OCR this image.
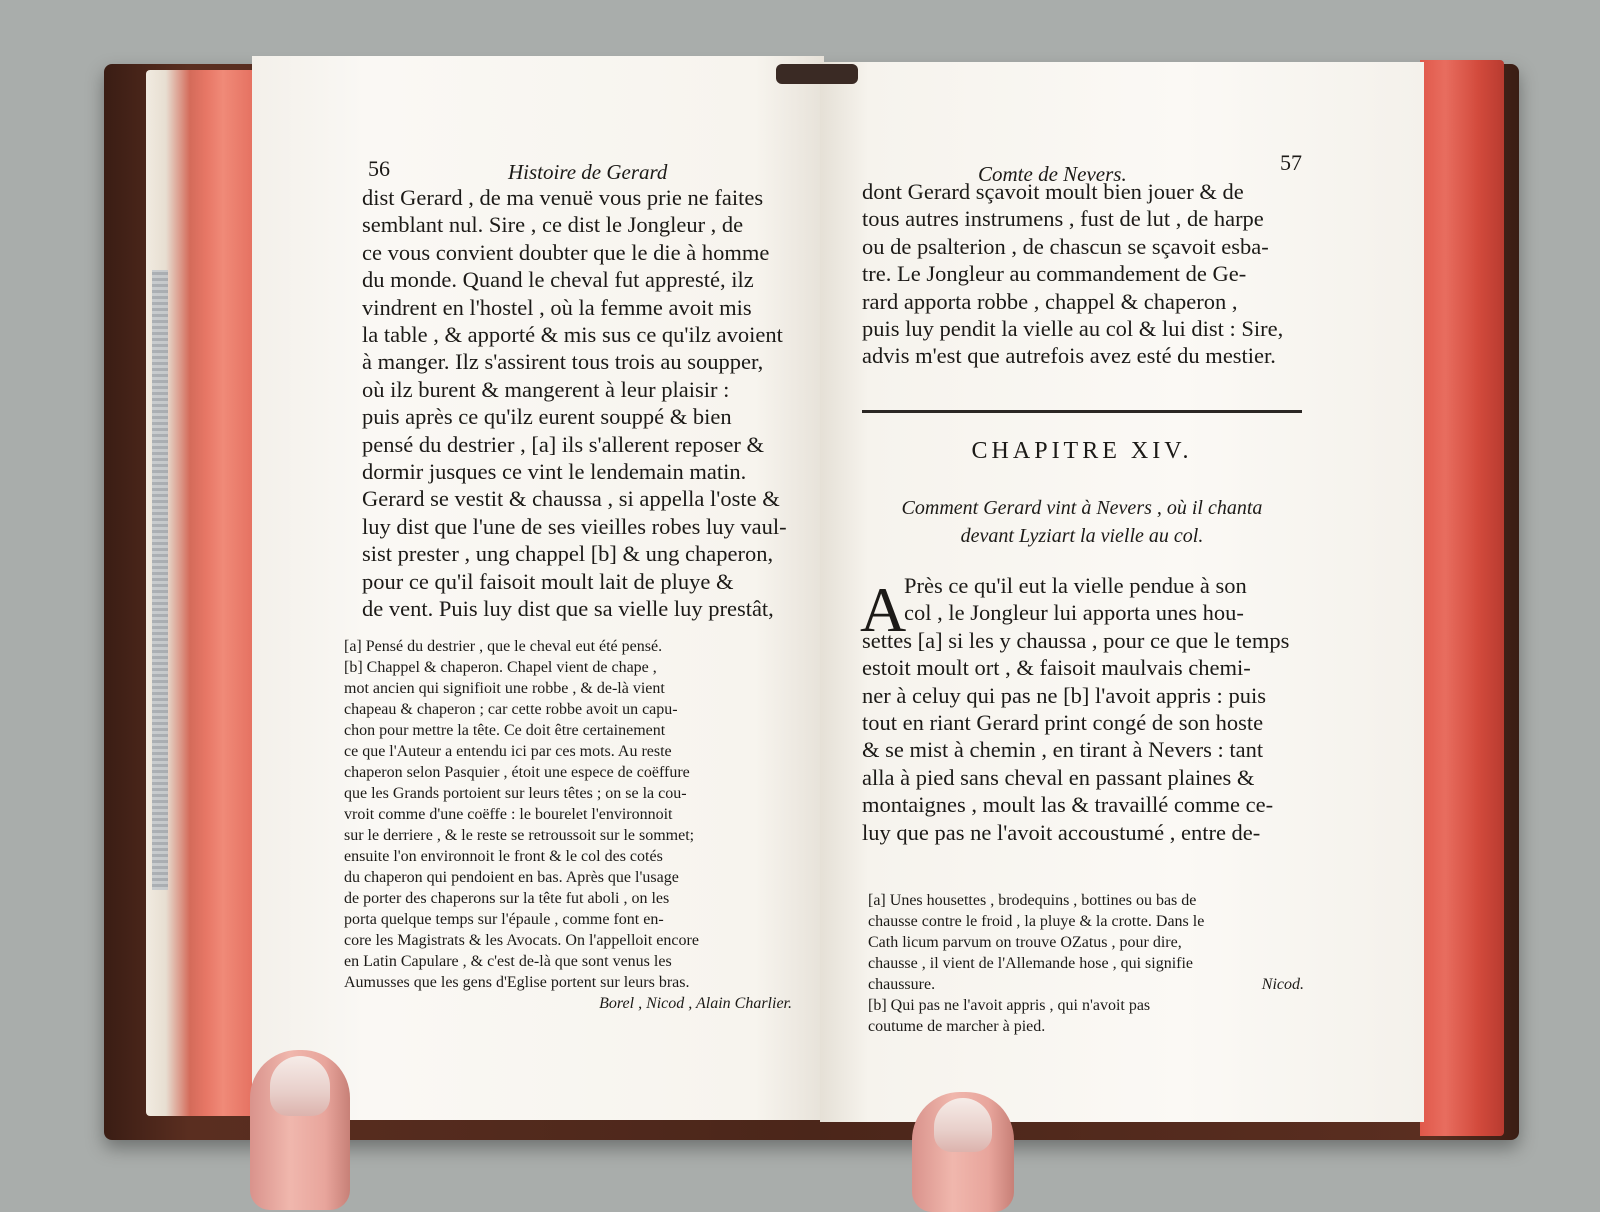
56	Histoire de Gerard
dist Gerard , de ma venuë vous prie ne faites
semblant nul. Sire , ce dist le Jongleur , de
ce vous convient doubter que le die à homme
du monde. Quand le cheval fut appresté, ilz
vindrent en l'hostel , où la femme avoit mis
la table , & apporté & mis sus ce qu'ilz avoient
à manger. Ilz s'assirent tous trois au soupper,
où ilz burent & mangerent à leur plaisir :
puis après ce qu'ilz eurent souppé & bien
pensé du destrier , [a] ils s'allerent reposer &
dormir jusques ce vint le lendemain matin.
Gerard se vestit & chaussa , si appella l'oste &
luy dist que l'une de ses vieilles robes luy vaul-
sist prester , ung chappel [b] & ung chaperon,
pour ce qu'il faisoit moult lait de pluye &
de vent. Puis luy dist que sa vielle luy prestât,
[a] Pensé du destrier , que le cheval eut été pensé.
[b] Chappel & chaperon. Chapel vient de chape ,
mot ancien qui signifioit une robbe , & de-là vient
chapeau & chaperon ; car cette robbe avoit un capu-
chon pour mettre la tête. Ce doit être certainement
ce que l'Auteur a entendu ici par ces mots. Au reste
chaperon selon Pasquier , étoit une espece de coëffure
que les Grands portoient sur leurs têtes ; on se la cou-
vroit comme d'une coëffe : le bourelet l'environnoit
sur le derriere , & le reste se retroussoit sur le sommet;
ensuite l'on environnoit le front & le col des cotés
du chaperon qui pendoient en bas. Après que l'usage
de porter des chaperons sur la tête fut aboli , on les
porta quelque temps sur l'épaule , comme font en-
core les Magistrats & les Avocats. On l'appelloit encore
en Latin Capulare , & c'est de-là que sont venus les
Aumusses que les gens d'Eglise portent sur leurs bras.
Borel , Nicod , Alain Charlier.
Comte de Nevers.	57
dont Gerard sçavoit moult bien jouer & de
tous autres instrumens , fust de lut , de harpe
ou de psalterion , de chascun se sçavoit esba-
tre. Le Jongleur au commandement de Ge-
rard apporta robbe , chappel & chaperon ,
puis luy pendit la vielle au col & lui dist : Sire,
advis m'est que autrefois avez esté du mestier.
CHAPITRE XIV.
Comment Gerard vint à Nevers , où il chanta
devant Lyziart la vielle au col.
A
Près ce qu'il eut la vielle pendue à son
col , le Jongleur lui apporta unes hou-
settes [a] si les y chaussa , pour ce que le temps
estoit moult ort , & faisoit maulvais chemi-
ner à celuy qui pas ne [b] l'avoit appris : puis
tout en riant Gerard print congé de son hoste
& se mist à chemin , en tirant à Nevers : tant
alla à pied sans cheval en passant plaines &
montaignes , moult las & travaillé comme ce-
luy que pas ne l'avoit accoustumé , entre de-
[a] Unes housettes , brodequins , bottines ou bas de
chausse contre le froid , la pluye & la crotte. Dans le
Cath licum parvum on trouve OZatus , pour dire,
chausse , il vient de l'Allemande hose , qui signifie
chaussure.	Nicod.
[b] Qui pas ne l'avoit appris , qui n'avoit pas
coutume de marcher à pied.
